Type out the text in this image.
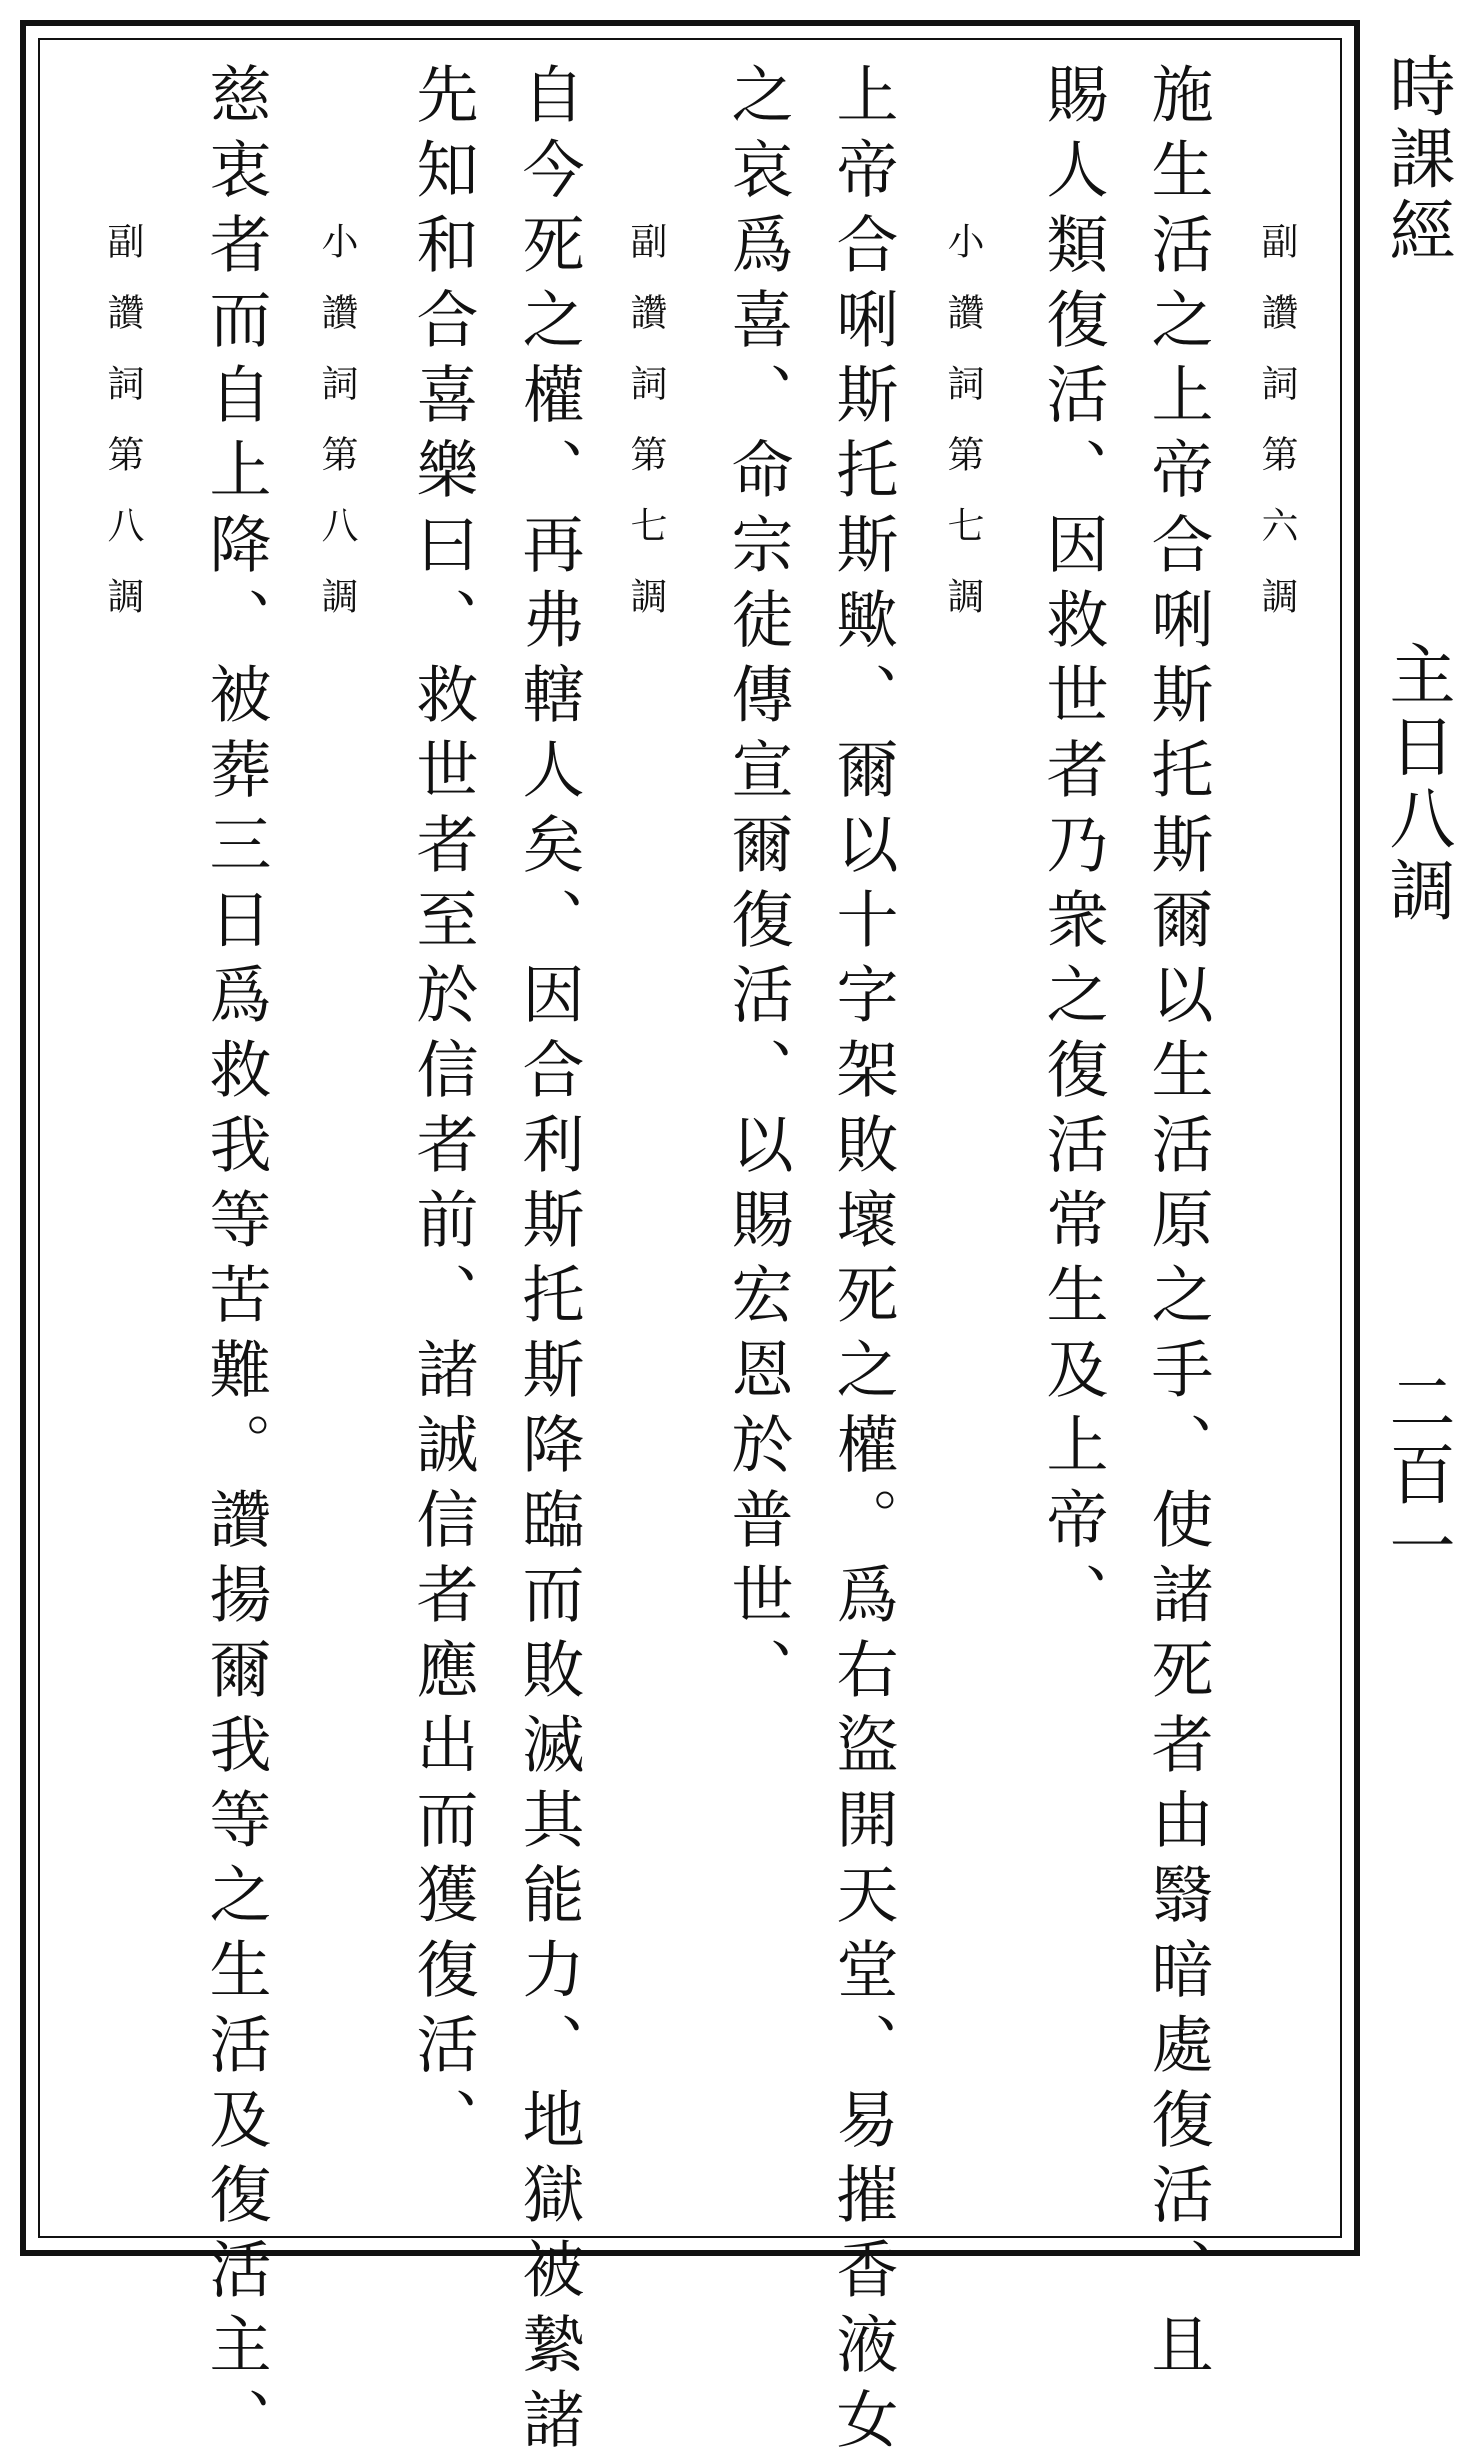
時課經
主日八調
二百一
副讚詞第六調
施生活之上帝合唎斯托斯爾以生活原之手、使諸死者由翳暗處復活、且
賜人類復活、因救世者乃衆之復活常生及上帝、
小讚詞第七調
上帝合唎斯托斯歟、爾以十字架敗壞死之權。爲右盜開天堂、易摧香液女
之哀爲喜、命宗徒傳宣爾復活、以賜宏恩於普世、
副讚詞第七調
自今死之權、再弗轄人矣、因合利斯托斯降臨而敗滅其能力、地獄被縶諸
先知和合喜樂曰、救世者至於信者前、諸誠信者應出而獲復活、
小讚詞第八調
慈衷者而自上降、被葬三日爲救我等苦難。讚揚爾我等之生活及復活主、
副讚詞第八調
